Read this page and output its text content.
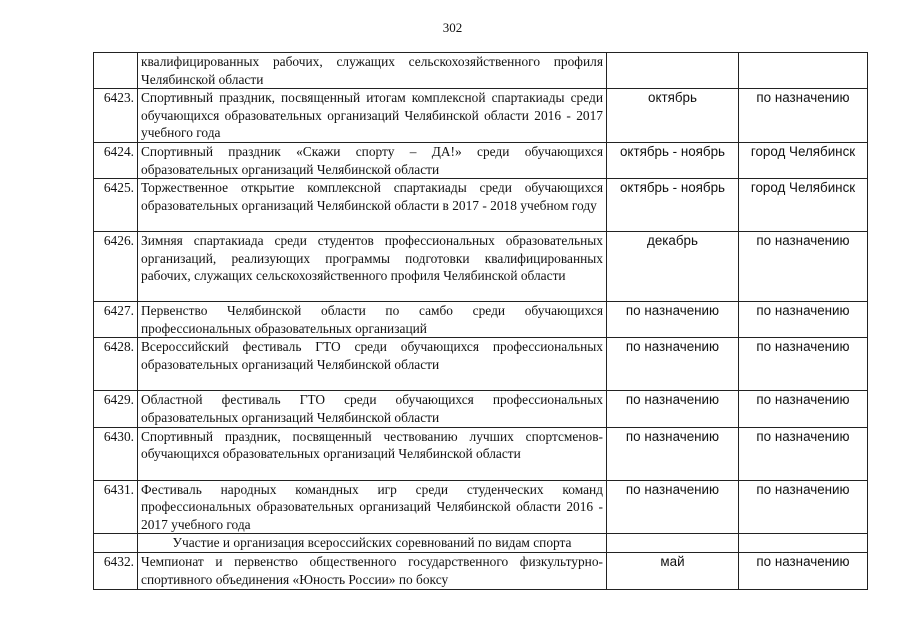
302
	квалифицированных рабочих, служащих сельскохозяйственного профиля Челябинской области		
6423.	Спортивный праздник, посвященный итогам комплексной спартакиады среди обучающихся образовательных организаций Челябинской области 2016 - 2017 учебного года	октябрь	по назначению
6424.	Спортивный праздник «Скажи спорту – ДА!» среди обучающихся образовательных организаций Челябинской области	октябрь - ноябрь	город Челябинск
6425.	Торжественное открытие комплексной спартакиады среди обучающихся образовательных организаций Челябинской области в 2017 - 2018 учебном году	октябрь - ноябрь	город Челябинск
6426.	Зимняя спартакиада среди студентов профессиональных образовательных организаций, реализующих программы подготовки квалифицированных рабочих, служащих сельскохозяйственного профиля Челябинской области	декабрь	по назначению
6427.	Первенство Челябинской области по самбо среди обучающихся профессиональных образовательных организаций	по назначению	по назначению
6428.	Всероссийский фестиваль ГТО среди обучающихся профессиональных образовательных организаций Челябинской области	по назначению	по назначению
6429.	Областной фестиваль ГТО среди обучающихся профессиональных образовательных организаций Челябинской области	по назначению	по назначению
6430.	Спортивный праздник, посвященный чествованию лучших спортсменов-обучающихся образовательных организаций Челябинской области	по назначению	по назначению
6431.	Фестиваль народных командных игр среди студенческих команд профессиональных образовательных организаций Челябинской области 2016 - 2017 учебного года	по назначению	по назначению
	Участие и организация всероссийских соревнований по видам спорта		
6432.	Чемпионат и первенство общественного государственного физкультурно-спортивного объединения «Юность России» по боксу	май	по назначению
